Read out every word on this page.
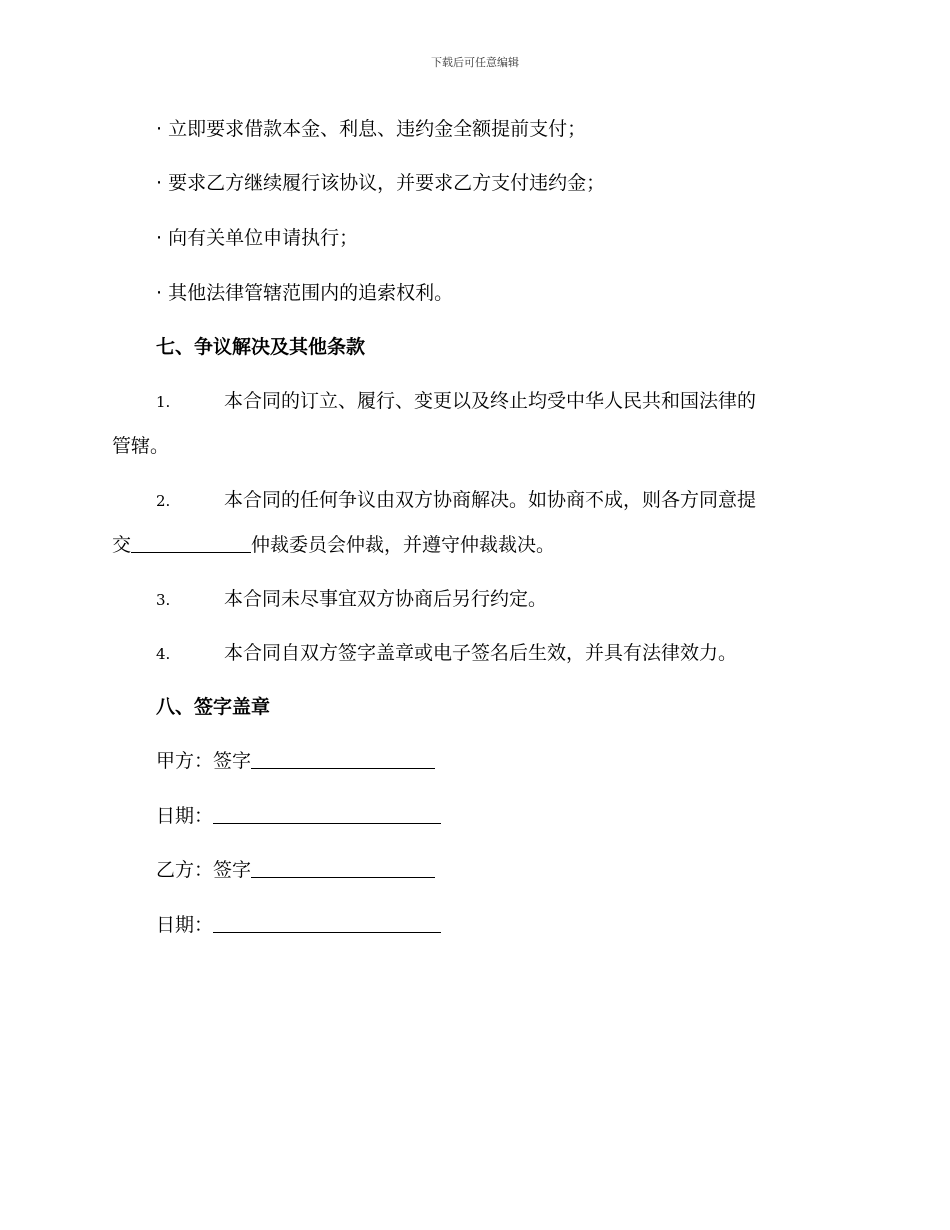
下载后可任意编辑
· 立即要求借款本金、利息、违约金全额提前支付；
· 要求乙方继续履行该协议，并要求乙方支付违约金；
· 向有关单位申请执行；
· 其他法律管辖范围内的追索权利。
七、争议解决及其他条款
1.	本合同的订立、履行、变更以及终止均受中华人民共和国法律的
管辖。
2.	本合同的任何争议由双方协商解决。如协商不成，则各方同意提
交	仲裁委员会仲裁，并遵守仲裁裁决。
3.	本合同未尽事宜双方协商后另行约定。
4.	本合同自双方签字盖章或电子签名后生效，并具有法律效力。
八、签字盖章
甲方：签字
日期：
乙方：签字
日期：
